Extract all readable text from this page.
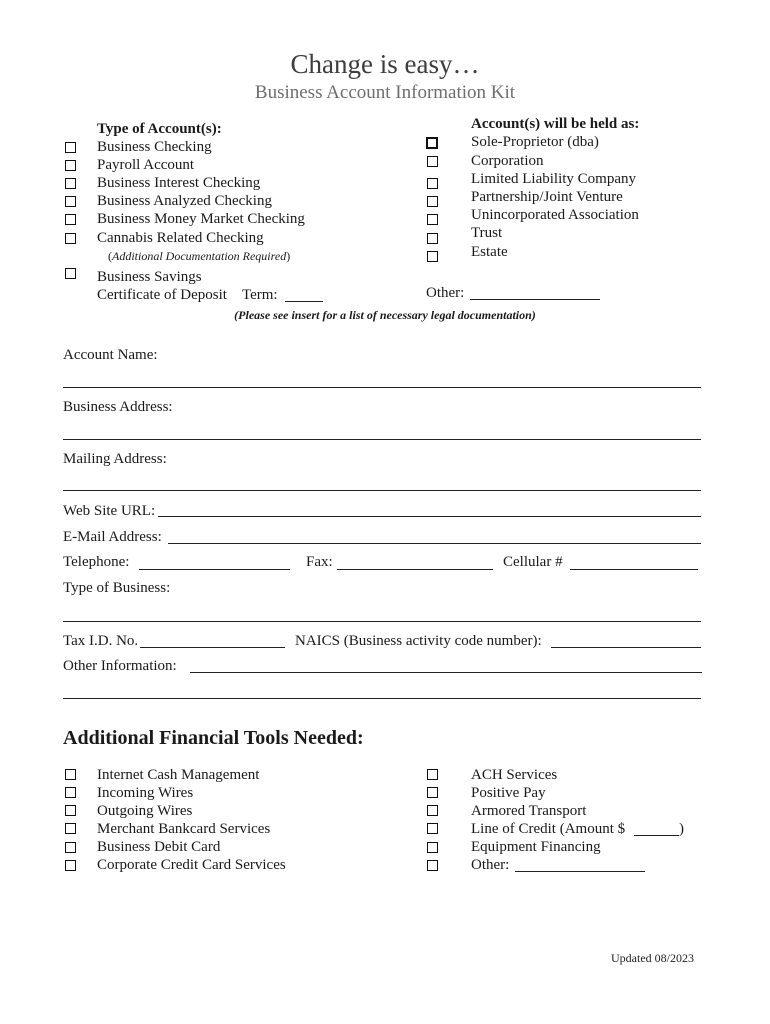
Change is easy…
Business Account Information Kit
Type of Account(s):
Business Checking
Payroll Account
Business Interest Checking
Business Analyzed Checking
Business Money Market Checking
Cannabis Related Checking
(Additional Documentation Required)
Business Savings
Certificate of Deposit Term:
Account(s) will be held as:
Sole-Proprietor (dba)
Corporation
Limited Liability Company
Partnership/Joint Venture
Unincorporated Association
Trust
Estate
Other:
(Please see insert for a list of necessary legal documentation)
Account Name:
Business Address:
Mailing Address:
Web Site URL:
E-Mail Address:
Telephone:	Fax:	Cellular #
Type of Business:
Tax I.D. No.	NAICS (Business activity code number):
Other Information:
Additional Financial Tools Needed:
Internet Cash Management
Incoming Wires
Outgoing Wires
Merchant Bankcard Services
Business Debit Card
Corporate Credit Card Services
ACH Services
Positive Pay
Armored Transport
Line of Credit (Amount $	)
Equipment Financing
Other:
Updated 08/2023
